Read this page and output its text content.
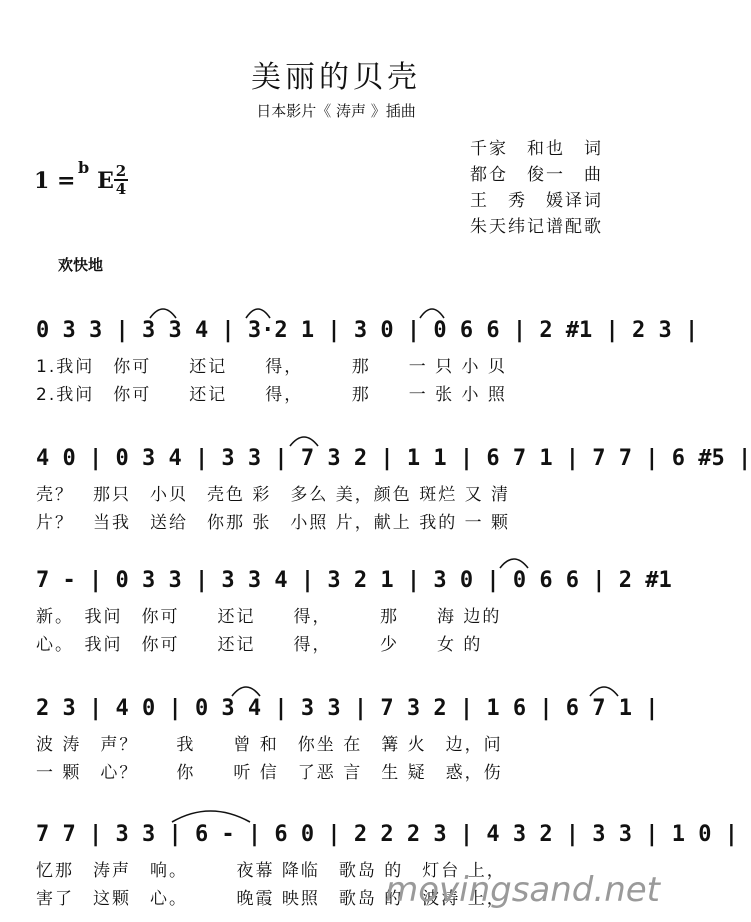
美丽的贝壳
日本影片《 涛声 》插曲
千家　和也　词
都仓　俊一　曲
王　秀　媛译词
朱天纬记谱配歌
1 =
b
E 2
4
欢快地
0 3 3 | 3 3 4 | 3·2 1 | 3 0 | 0 6 6 | 2 #1 | 2 3 |
1.我问　你可　　还记　　得，　　　那　　一 只 小 贝
2.我问　你可　　还记　　得，　　　那　　一 张 小 照
4 0 | 0 3 4 | 3 3 | 7 3 2 | 1 1 | 6 7 1 | 7 7 | 6 #5 |
壳？　那只　小贝　壳色 彩　多么 美，颜色 斑烂 又 清
片？　当我　送给　你那 张　小照 片，献上 我的 一 颗
7 - | 0 3 3 | 3 3 4 | 3 2 1 | 3 0 | 0 6 6 | 2 #1
新。　我问　你可　　还记　　得，　　　那　　海 边的
心。　我问　你可　　还记　　得，　　　少　　女 的
2 3 | 4 0 | 0 3 4 | 3 3 | 7 3 2 | 1 6 | 6 7 1 |
波 涛　声？　　我　　曾 和　你坐 在　篝 火　边，问
一 颗　心？　　你　　听 信　了恶 言　生 疑　惑，伤
7 7 | 3 3 | 6 - | 6 0 | 2 2 2 3 | 4 3 2 | 3 3 | 1 0 |
忆那　涛声　响。　　　夜幕 降临　歌岛 的　灯台 上，
害了　这颗　心。　　　晚霞 映照　歌岛 的　波涛 上，
movingsand.net
